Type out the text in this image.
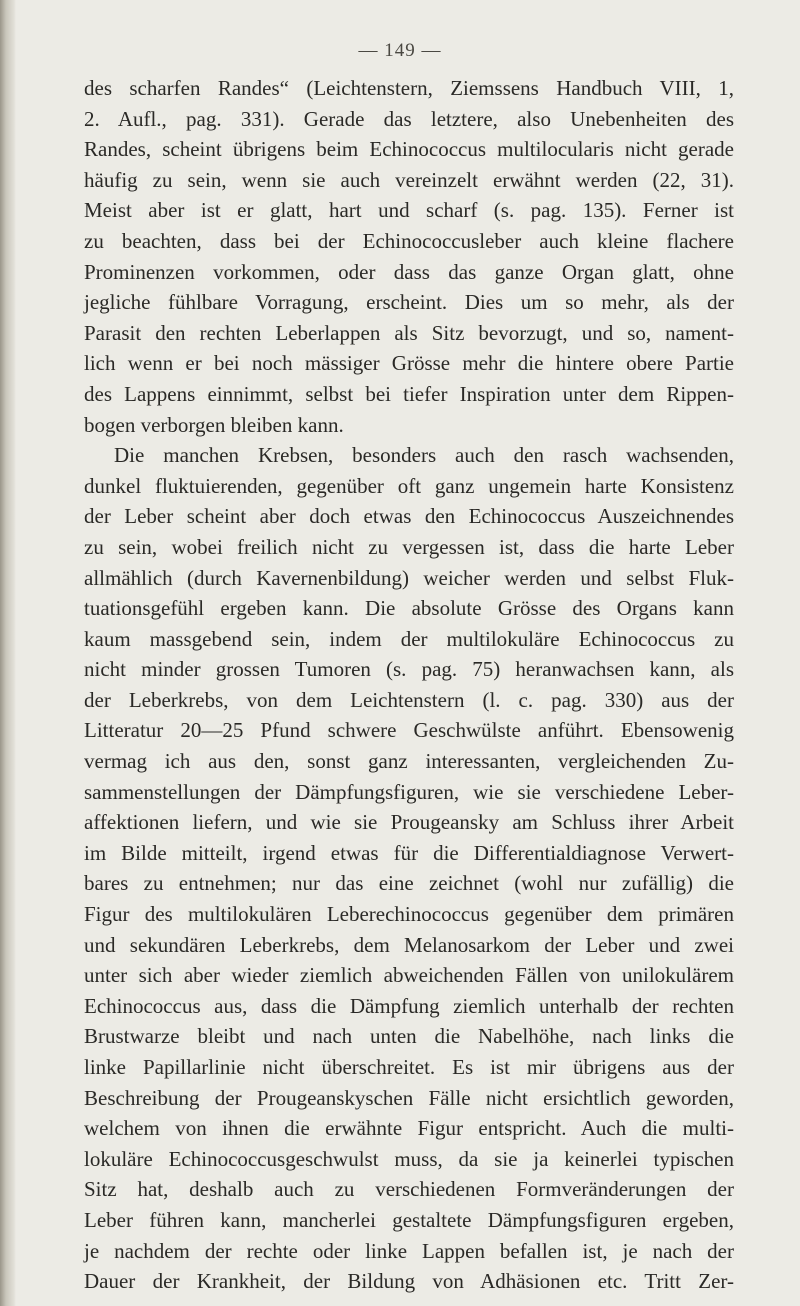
— 149 —
des scharfen Randes“ (Leichtenstern, Ziemssens Handbuch VIII, 1,
2. Aufl., pag. 331). Gerade das letztere, also Unebenheiten des
Randes, scheint übrigens beim Echinococcus multilocularis nicht gerade
häufig zu sein, wenn sie auch vereinzelt erwähnt werden (22, 31).
Meist aber ist er glatt, hart und scharf (s. pag. 135). Ferner ist
zu beachten, dass bei der Echinococcusleber auch kleine flachere
Prominenzen vorkommen, oder dass das ganze Organ glatt, ohne
jegliche fühlbare Vorragung, erscheint. Dies um so mehr, als der
Parasit den rechten Leberlappen als Sitz bevorzugt, und so, nament-
lich wenn er bei noch mässiger Grösse mehr die hintere obere Partie
des Lappens einnimmt, selbst bei tiefer Inspiration unter dem Rippen-
bogen verborgen bleiben kann.
Die manchen Krebsen, besonders auch den rasch wachsenden,
dunkel fluktuierenden, gegenüber oft ganz ungemein harte Konsistenz
der Leber scheint aber doch etwas den Echinococcus Auszeichnendes
zu sein, wobei freilich nicht zu vergessen ist, dass die harte Leber
allmählich (durch Kavernenbildung) weicher werden und selbst Fluk-
tuationsgefühl ergeben kann. Die absolute Grösse des Organs kann
kaum massgebend sein, indem der multilokuläre Echinococcus zu
nicht minder grossen Tumoren (s. pag. 75) heranwachsen kann, als
der Leberkrebs, von dem Leichtenstern (l. c. pag. 330) aus der
Litteratur 20—25 Pfund schwere Geschwülste anführt. Ebensowenig
vermag ich aus den, sonst ganz interessanten, vergleichenden Zu-
sammenstellungen der Dämpfungsfiguren, wie sie verschiedene Leber-
affektionen liefern, und wie sie Prougeansky am Schluss ihrer Arbeit
im Bilde mitteilt, irgend etwas für die Differentialdiagnose Verwert-
bares zu entnehmen; nur das eine zeichnet (wohl nur zufällig) die
Figur des multilokulären Leberechinococcus gegenüber dem primären
und sekundären Leberkrebs, dem Melanosarkom der Leber und zwei
unter sich aber wieder ziemlich abweichenden Fällen von unilokulärem
Echinococcus aus, dass die Dämpfung ziemlich unterhalb der rechten
Brustwarze bleibt und nach unten die Nabelhöhe, nach links die
linke Papillarlinie nicht überschreitet. Es ist mir übrigens aus der
Beschreibung der Prougeanskyschen Fälle nicht ersichtlich geworden,
welchem von ihnen die erwähnte Figur entspricht. Auch die multi-
lokuläre Echinococcusgeschwulst muss, da sie ja keinerlei typischen
Sitz hat, deshalb auch zu verschiedenen Formveränderungen der
Leber führen kann, mancherlei gestaltete Dämpfungsfiguren ergeben,
je nachdem der rechte oder linke Lappen befallen ist, je nach der
Dauer der Krankheit, der Bildung von Adhäsionen etc. Tritt Zer-
